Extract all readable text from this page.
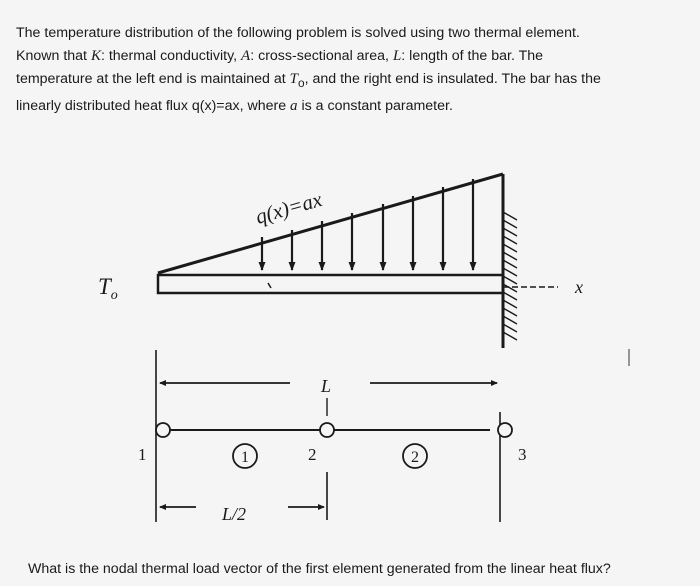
The temperature distribution of the following problem is solved using two thermal element.
Known that K: thermal conductivity, A: cross-sectional area, L: length of the bar. The
temperature at the left end is maintained at $T_o$, and the right end is insulated. The bar has the
linearly distributed heat flux q(x)=ax, where a is a constant parameter.

q(x)=ax
x
$T_o$
L
1	2	3
1	2
L/2

What is the nodal thermal load vector of the first element generated from the linear heat flux?
